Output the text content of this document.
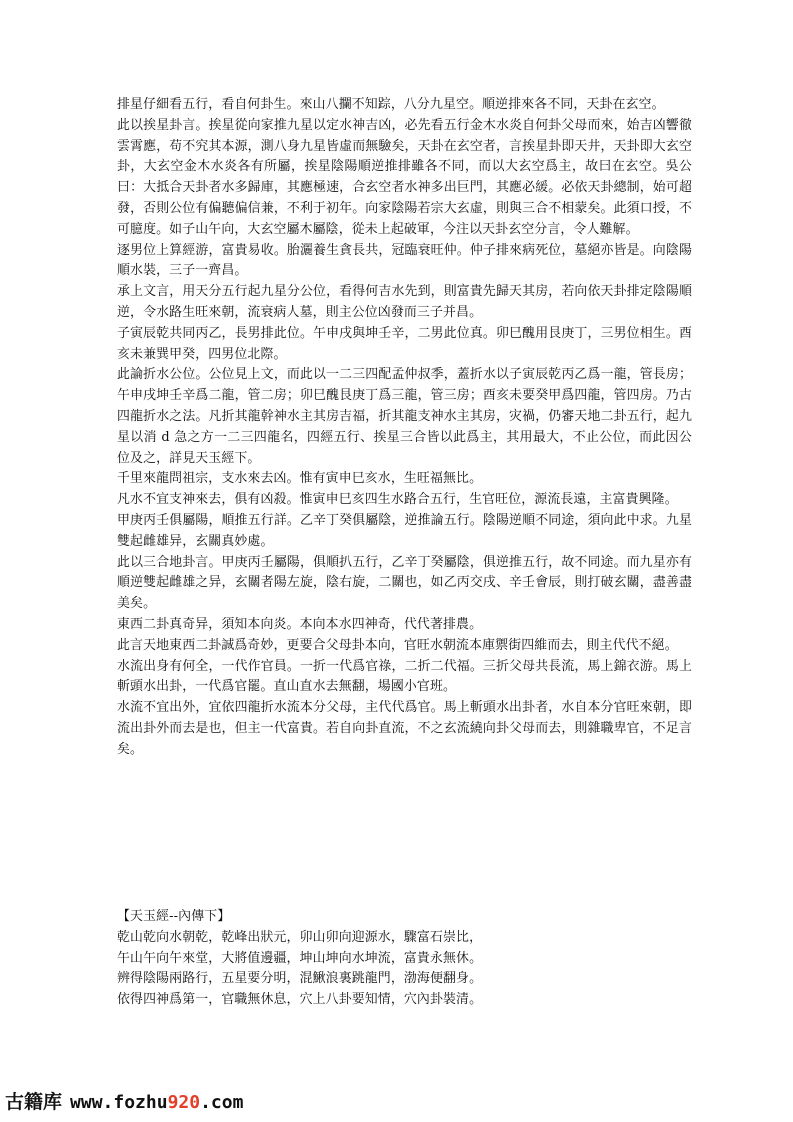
排星仔細看五行，看自何卦生。來山八攔不知踪，八分九星空。順逆排來各不同，天卦在玄空。

此以挨星卦言。挨星從向家推九星以定水神吉凶，必先看五行金木水炎自何卦父母而來，始吉凶響徹雲霄應，苟不究其本源，測八身九星皆虛而無驗矣，天卦在玄空者，言挨星卦即天井，天卦即大玄空卦，大玄空金木水炎各有所屬，挨星陰陽順逆推排雖各不同，而以大玄空爲主，故曰在玄空。吳公曰：大抵合天卦者水多歸庫，其應極速，合玄空者水神多出巨門，其應必緩。必依天卦總制，始可超發，否則公位有偏聽偏信兼，不利于初年。向家陰陽若宗大玄虛，則與三合不相蒙矣。此須口授，不可臆度。如子山午向，大玄空屬木屬陰，從未上起破軍，今注以天卦玄空分言，令人難解。

逐男位上算經游，富貴易收。胎灑養生貪長共，冠臨衰旺仲。仲子排來病死位，墓絕亦皆是。向陰陽順水裝，三子一齊昌。

承上文言，用天分五行起九星分公位，看得何吉水先到，則富貴先歸天其房，若向依天卦排定陰陽順逆，令水路生旺來朝，流衰病人墓，則主公位凶發而三子并昌。

子寅辰乾共同丙乙，長男排此位。午申戌與坤壬辛，二男此位真。卯巳醜用艮庚丁，三男位相生。酉亥未兼巽甲癸，四男位北際。

此論折水公位。公位見上文，而此以一二三四配孟仲叔季，蓋折水以子寅辰乾丙乙爲一龍，管長房；午申戌坤壬辛爲二龍，管二房；卯巳醜艮庚丁爲三龍，管三房；酉亥未要癸甲爲四龍，管四房。乃古四龍折水之法。凡折其龍幹神水主其房吉福，折其龍支神水主其房，灾禍，仍審天地二卦五行，起九星以消 d 急之方一二三四龍名，四經五行、挨星三合皆以此爲主，其用最大，不止公位，而此因公位及之，詳見天玉經下。

千里來龍問祖宗，支水來去凶。惟有寅申巳亥水，生旺福無比。

凡水不宜支神來去，俱有凶殺。惟寅申巳亥四生水路合五行，生官旺位，源流長遠，主富貴興隆。

甲庚丙壬俱屬陽，順推五行詳。乙辛丁癸俱屬陰，逆推論五行。陰陽逆順不同途，須向此中求。九星雙起雌雄异，玄關真妙處。

此以三合地卦言。甲庚丙壬屬陽，俱順扒五行，乙辛丁癸屬陰，俱逆推五行，故不同途。而九星亦有順逆雙起雌雄之异，玄關者陽左旋，陰右旋，二關也，如乙丙交戌、辛壬會辰，則打破玄關，盡善盡美矣。

東西二卦真奇异，須知本向炎。本向本水四神奇，代代著排農。

此言天地東西二卦誠爲奇妙，更要合父母卦本向，官旺水朝流本庫禦街四維而去，則主代代不絕。

水流出身有何全，一代作官員。一折一代爲官祿，二折二代福。三折父母共長流，馬上錦衣游。馬上斬頭水出卦，一代爲官罷。直山直水去無翻，場國小官班。

水流不宜出外，宜依四龍折水流本分父母，主代代爲官。馬上斬頭水出卦者，水自本分官旺來朝，即流出卦外而去是也，但主一代富貴。若自向卦直流，不之玄流繞向卦父母而去，則雜職卑官，不足言矣。

【天玉經--內傳下】

乾山乾向水朝乾，乾峰出狀元，卯山卯向迎源水，驟富石崇比，

午山午向午來堂，大將值邊疆，坤山坤向水坤流，富貴永無休。

辨得陰陽兩路行，五星要分明，混鰍浪裏跳龍門，渤海便翻身。

依得四神爲第一，官職無休息，穴上八卦要知情，穴內卦裝清。

古籍库 www.fozhu 920 .com
